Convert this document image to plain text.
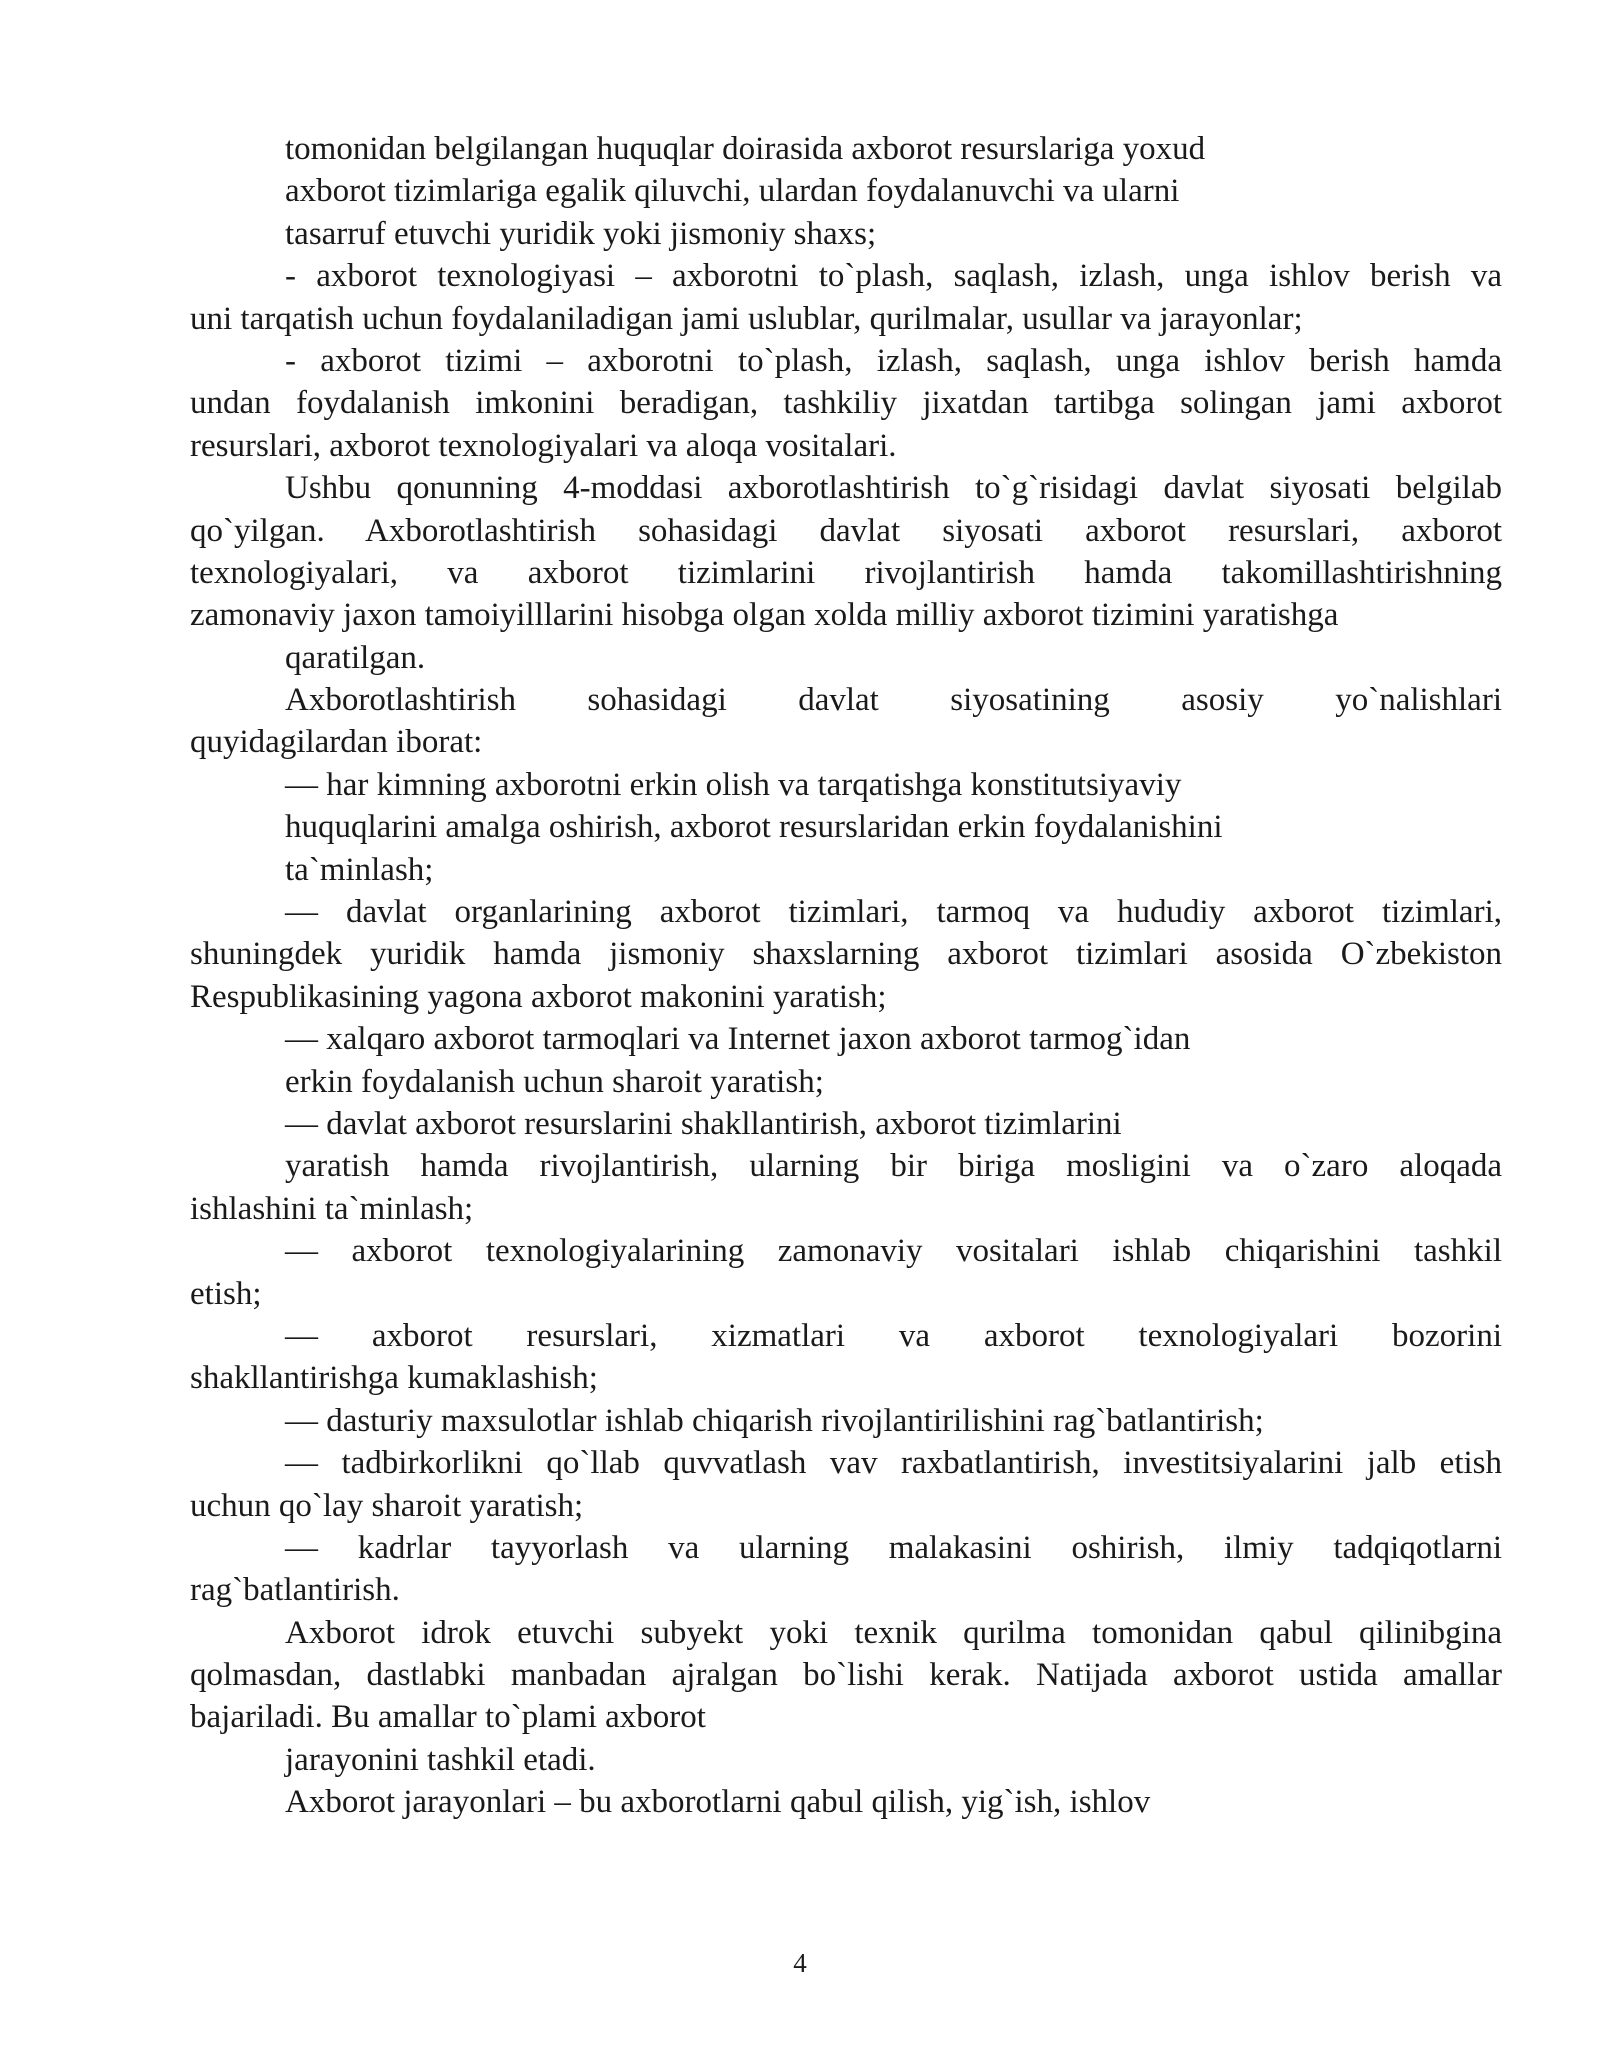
tomonidan belgilangan huquqlar doirasida axborot resurslariga yoxud
axborot tizimlariga egalik qiluvchi, ulardan foydalanuvchi va ularni
tasarruf etuvchi yuridik yoki jismoniy shaxs;
- axborot texnologiyasi – axborotni to`plash, saqlash, izlash, unga ishlov berish va
uni tarqatish uchun foydalaniladigan jami uslublar, qurilmalar, usullar va jarayonlar;
- axborot tizimi – axborotni to`plash, izlash, saqlash, unga ishlov berish hamda
undan foydalanish imkonini beradigan, tashkiliy jixatdan tartibga solingan jami axborot
resurslari, axborot texnologiyalari va aloqa vositalari.
Ushbu qonunning 4-moddasi axborotlashtirish to`g`risidagi davlat siyosati belgilab
qo`yilgan. Axborotlashtirish sohasidagi davlat siyosati axborot resurslari, axborot
texnologiyalari, va axborot tizimlarini rivojlantirish hamda takomillashtirishning
zamonaviy jaxon tamoiyilllarini hisobga olgan xolda milliy axborot tizimini yaratishga
qaratilgan.
Axborotlashtirish sohasidagi davlat siyosatining asosiy yo`nalishlari
quyidagilardan iborat:
— har kimning axborotni erkin olish va tarqatishga konstitutsiyaviy
huquqlarini amalga oshirish, axborot resurslaridan erkin foydalanishini
ta`minlash;
— davlat organlarining axborot tizimlari, tarmoq va hududiy axborot tizimlari,
shuningdek yuridik hamda jismoniy shaxslarning axborot tizimlari asosida O`zbekiston
Respublikasining yagona axborot makonini yaratish;
— xalqaro axborot tarmoqlari va Internet jaxon axborot tarmog`idan
erkin foydalanish uchun sharoit yaratish;
— davlat axborot resurslarini shakllantirish, axborot tizimlarini
yaratish hamda rivojlantirish, ularning bir biriga mosligini va o`zaro aloqada
ishlashini ta`minlash;
— axborot texnologiyalarining zamonaviy vositalari ishlab chiqarishini tashkil
etish;
— axborot resurslari, xizmatlari va axborot texnologiyalari bozorini
shakllantirishga kumaklashish;
— dasturiy maxsulotlar ishlab chiqarish rivojlantirilishini rag`batlantirish;
— tadbirkorlikni qo`llab quvvatlash vav raxbatlantirish, investitsiyalarini jalb etish
uchun qo`lay sharoit yaratish;
— kadrlar tayyorlash va ularning malakasini oshirish, ilmiy tadqiqotlarni
rag`batlantirish.
Axborot idrok etuvchi subyekt yoki texnik qurilma tomonidan qabul qilinibgina
qolmasdan, dastlabki manbadan ajralgan bo`lishi kerak. Natijada axborot ustida amallar
bajariladi. Bu amallar to`plami axborot
jarayonini tashkil etadi.
Axborot jarayonlari – bu axborotlarni qabul qilish, yig`ish, ishlov
4
